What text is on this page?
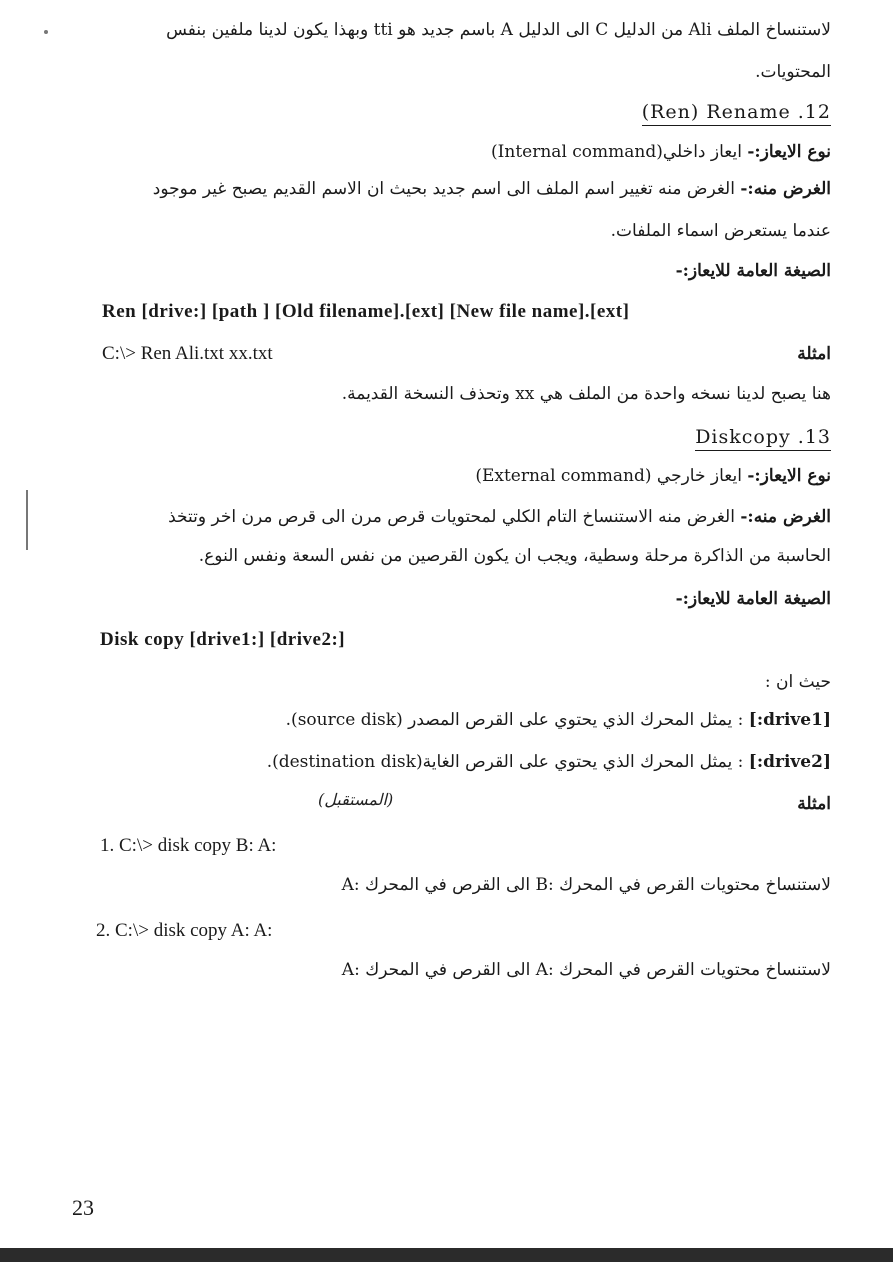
لاستنساخ الملف Ali من الدليل C الى الدليل A باسم جديد هو tti وبهذا يكون لدينا ملفين بنفس
المحتويات.
(Ren) Rename .12
نوع الايعاز:- ايعاز داخلي(Internal command)
الغرض منه:- الغرض منه تغيير اسم الملف الى اسم جديد بحيث ان الاسم القديم يصبح غير موجود
عندما يستعرض اسماء الملفات.
الصيغة العامة للايعاز:-
Ren [drive:] [path ] [Old filename].[ext] [New file name].[ext]
C:\> Ren Ali.txt xx.txt	امثلة
هنا يصبح لدينا نسخه واحدة من الملف هي xx وتحذف النسخة القديمة.
Diskcopy .13
نوع الايعاز:- ايعاز خارجي (External command)
الغرض منه:- الغرض منه الاستنساخ التام الكلي لمحتويات قرص مرن الى قرص مرن اخر وتتخذ
الحاسبة من الذاكرة مرحلة وسطية، ويجب ان يكون القرصين من نفس السعة ونفس النوع.
الصيغة العامة للايعاز:-
Disk copy [drive1:] [drive2:]
حيث ان :
[drive1:] : يمثل المحرك الذي يحتوي على القرص المصدر (source disk).
[drive2:] : يمثل المحرك الذي يحتوي على القرص الغاية(destination disk).
(المستقبل)	امثلة
1. C:\> disk copy B: A:
لاستنساخ محتويات القرص في المحرك :B الى القرص في المحرك :A
2. C:\> disk copy A: A:
لاستنساخ محتويات القرص في المحرك :A الى القرص في المحرك :A
23
